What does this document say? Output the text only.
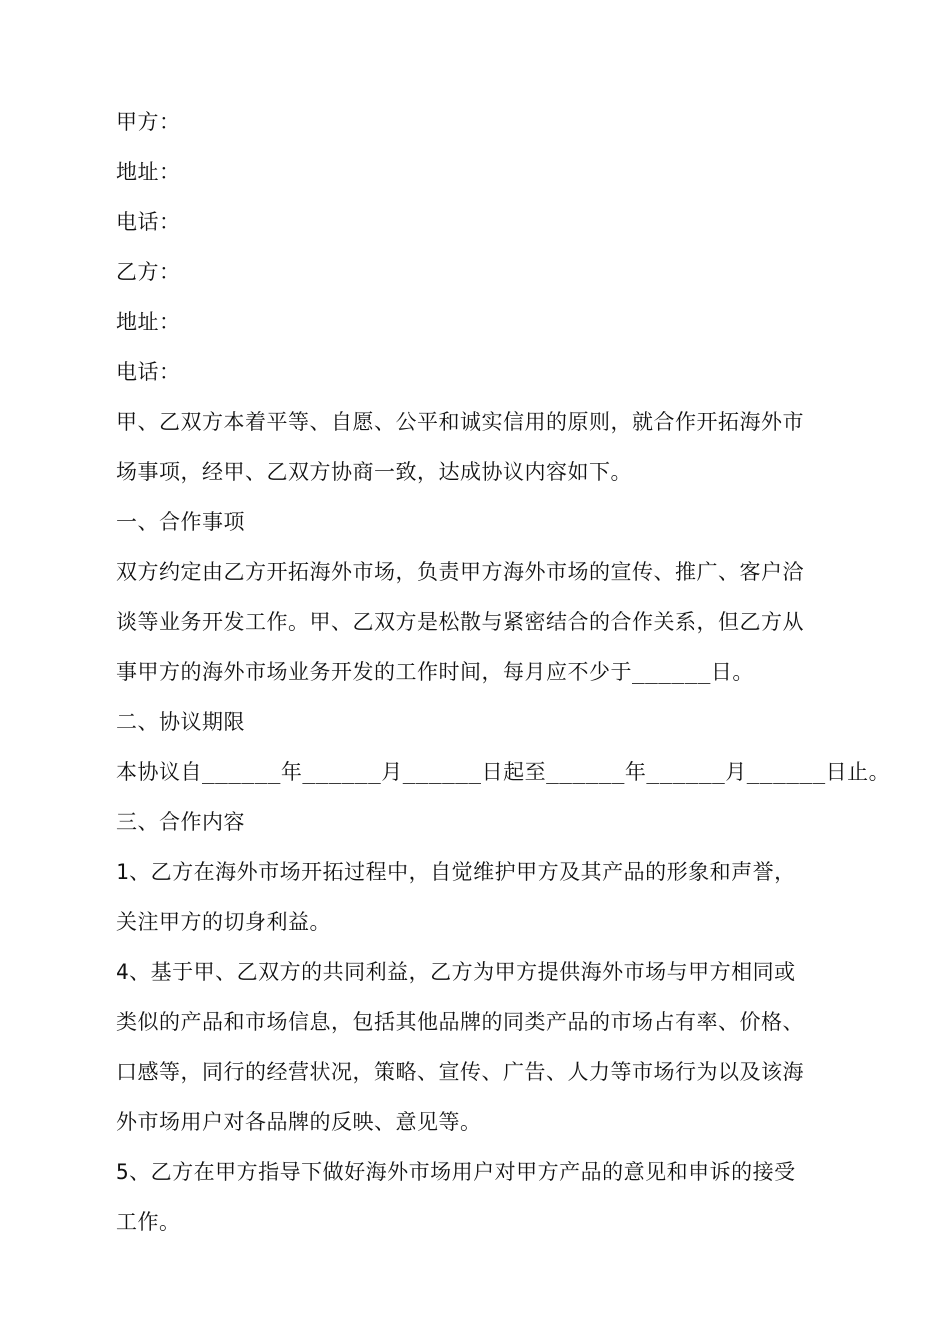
甲方：
地址：
电话：
乙方：
地址：
电话：
甲、乙双方本着平等、自愿、公平和诚实信用的原则，就合作开拓海外市
场事项，经甲、乙双方协商一致，达成协议内容如下。
一、合作事项
双方约定由乙方开拓海外市场，负责甲方海外市场的宣传、推广、客户洽
谈等业务开发工作。甲、乙双方是松散与紧密结合的合作关系，但乙方从
事甲方的海外市场业务开发的工作时间，每月应不少于______日。
二、协议期限
本协议自______年______月______日起至______年______月______日止。
三、合作内容
1、乙方在海外市场开拓过程中，自觉维护甲方及其产品的形象和声誉，
关注甲方的切身利益。
4、基于甲、乙双方的共同利益，乙方为甲方提供海外市场与甲方相同或
类似的产品和市场信息，包括其他品牌的同类产品的市场占有率、价格、
口感等，同行的经营状况，策略、宣传、广告、人力等市场行为以及该海
外市场用户对各品牌的反映、意见等。
5、乙方在甲方指导下做好海外市场用户对甲方产品的意见和申诉的接受
工作。
